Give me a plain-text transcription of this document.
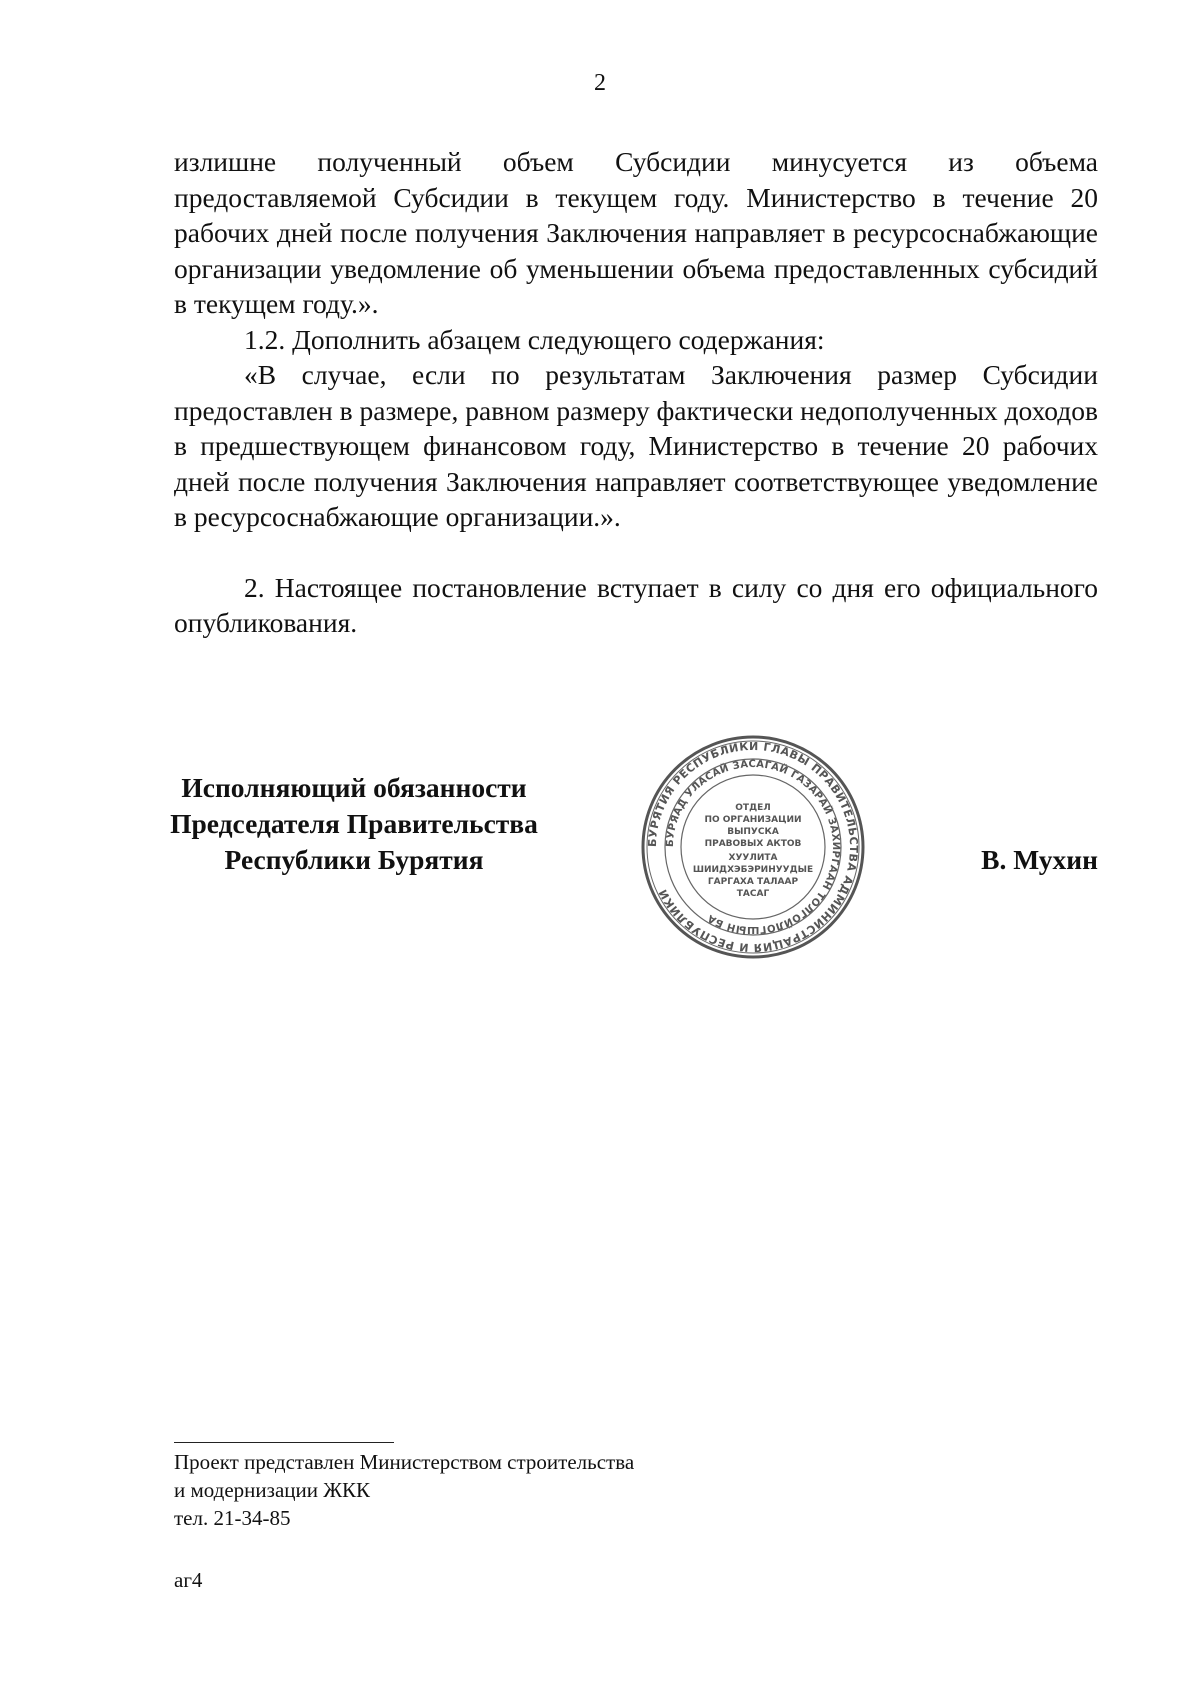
2

излишне полученный объем Субсидии минусуется из объема предоставляемой Субсидии в текущем году. Министерство в течение 20 рабочих дней после получения Заключения направляет в ресурсоснабжающие организации уведомление об уменьшении объема предоставленных субсидий в текущем году.».

1.2. Дополнить абзацем следующего содержания:

«В случае, если по результатам Заключения размер Субсидии предоставлен в размере, равном размеру фактически недополученных доходов в предшествующем финансовом году, Министерство в течение 20 рабочих дней после получения Заключения направляет соответствующее уведомление в ресурсоснабжающие организации.».

2. Настоящее постановление вступает в силу со дня его официального опубликования.

Исполняющий обязанности
Председателя Правительства
Республики Бурятия
БУРЯТИЯ РЕСПУБЛИКИ ГЛАВЫ ПРАВИТЕЛЬСТВА АДМИНИСТРАЦИЯ И РЕСПУБЛИКИ
БУРЯАД УЛАСАЙ ЗАСАГАЙ ГАЗАРАЙ ЗАХИРГААН ТОЛГОЙЛОГШЫН БА
ОТДЕЛ
ПО ОРГАНИЗАЦИИ
ВЫПУСКА
ПРАВОВЫХ АКТОВ
ХУУЛИТА
ШИИДХЭБЭРИНУУДЫЕ
ГАРГАХА ТАЛААР
ТАСАГ
В. Мухин
Проект представлен Министерством строительства
и модернизации ЖКК
тел. 21-34-85
аг4
